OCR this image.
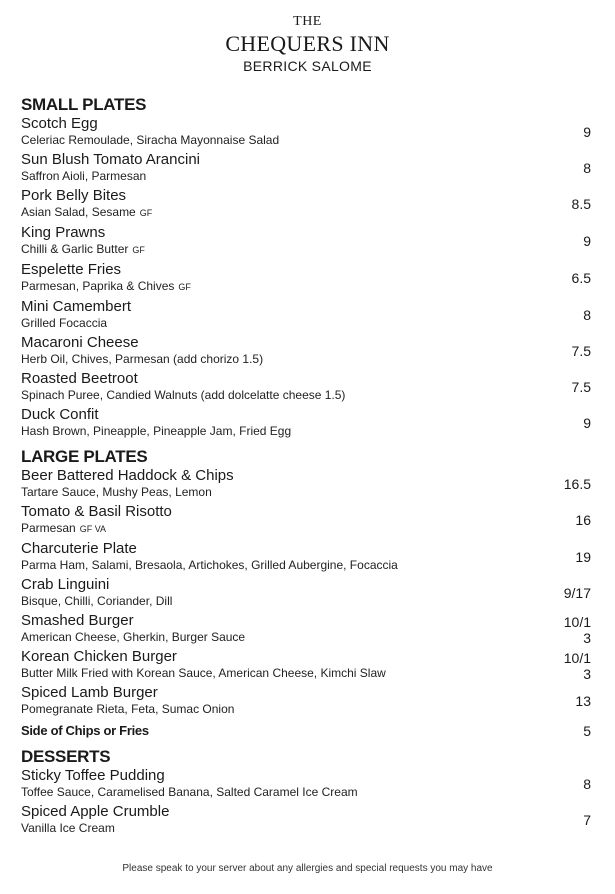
THE
CHEQUERS INN
BERRICK SALOME
SMALL PLATES
Scotch Egg
Celeriac Remoulade, Siracha Mayonnaise Salad
9
Sun Blush Tomato Arancini
Saffron Aioli, Parmesan
8
Pork Belly Bites
Asian Salad, Sesame GF
8.5
King Prawns
Chilli & Garlic Butter GF
9
Espelette Fries
Parmesan, Paprika & Chives GF
6.5
Mini Camembert
Grilled Focaccia
8
Macaroni Cheese
Herb Oil, Chives, Parmesan (add chorizo 1.5)
7.5
Roasted Beetroot
Spinach Puree, Candied Walnuts (add dolcelatte cheese 1.5)
7.5
Duck Confit
Hash Brown, Pineapple, Pineapple Jam, Fried Egg
9
LARGE PLATES
Beer Battered Haddock & Chips
Tartare Sauce, Mushy Peas, Lemon
16.5
Tomato & Basil Risotto
Parmesan GF VA
16
Charcuterie Plate
Parma Ham, Salami, Bresaola, Artichokes, Grilled Aubergine, Focaccia
19
Crab Linguini
Bisque, Chilli, Coriander, Dill
9/17
Smashed Burger
American Cheese, Gherkin, Burger Sauce
10/1 3
Korean Chicken Burger
Butter Milk Fried with Korean Sauce, American Cheese, Kimchi Slaw
10/1 3
Spiced Lamb Burger
Pomegranate Rieta, Feta, Sumac Onion
13
Side of Chips or Fries	5
DESSERTS
Sticky Toffee Pudding
Toffee Sauce, Caramelised Banana, Salted Caramel Ice Cream
8
Spiced Apple Crumble
Vanilla Ice Cream
7
Please speak to your server about any allergies and special requests you may have
